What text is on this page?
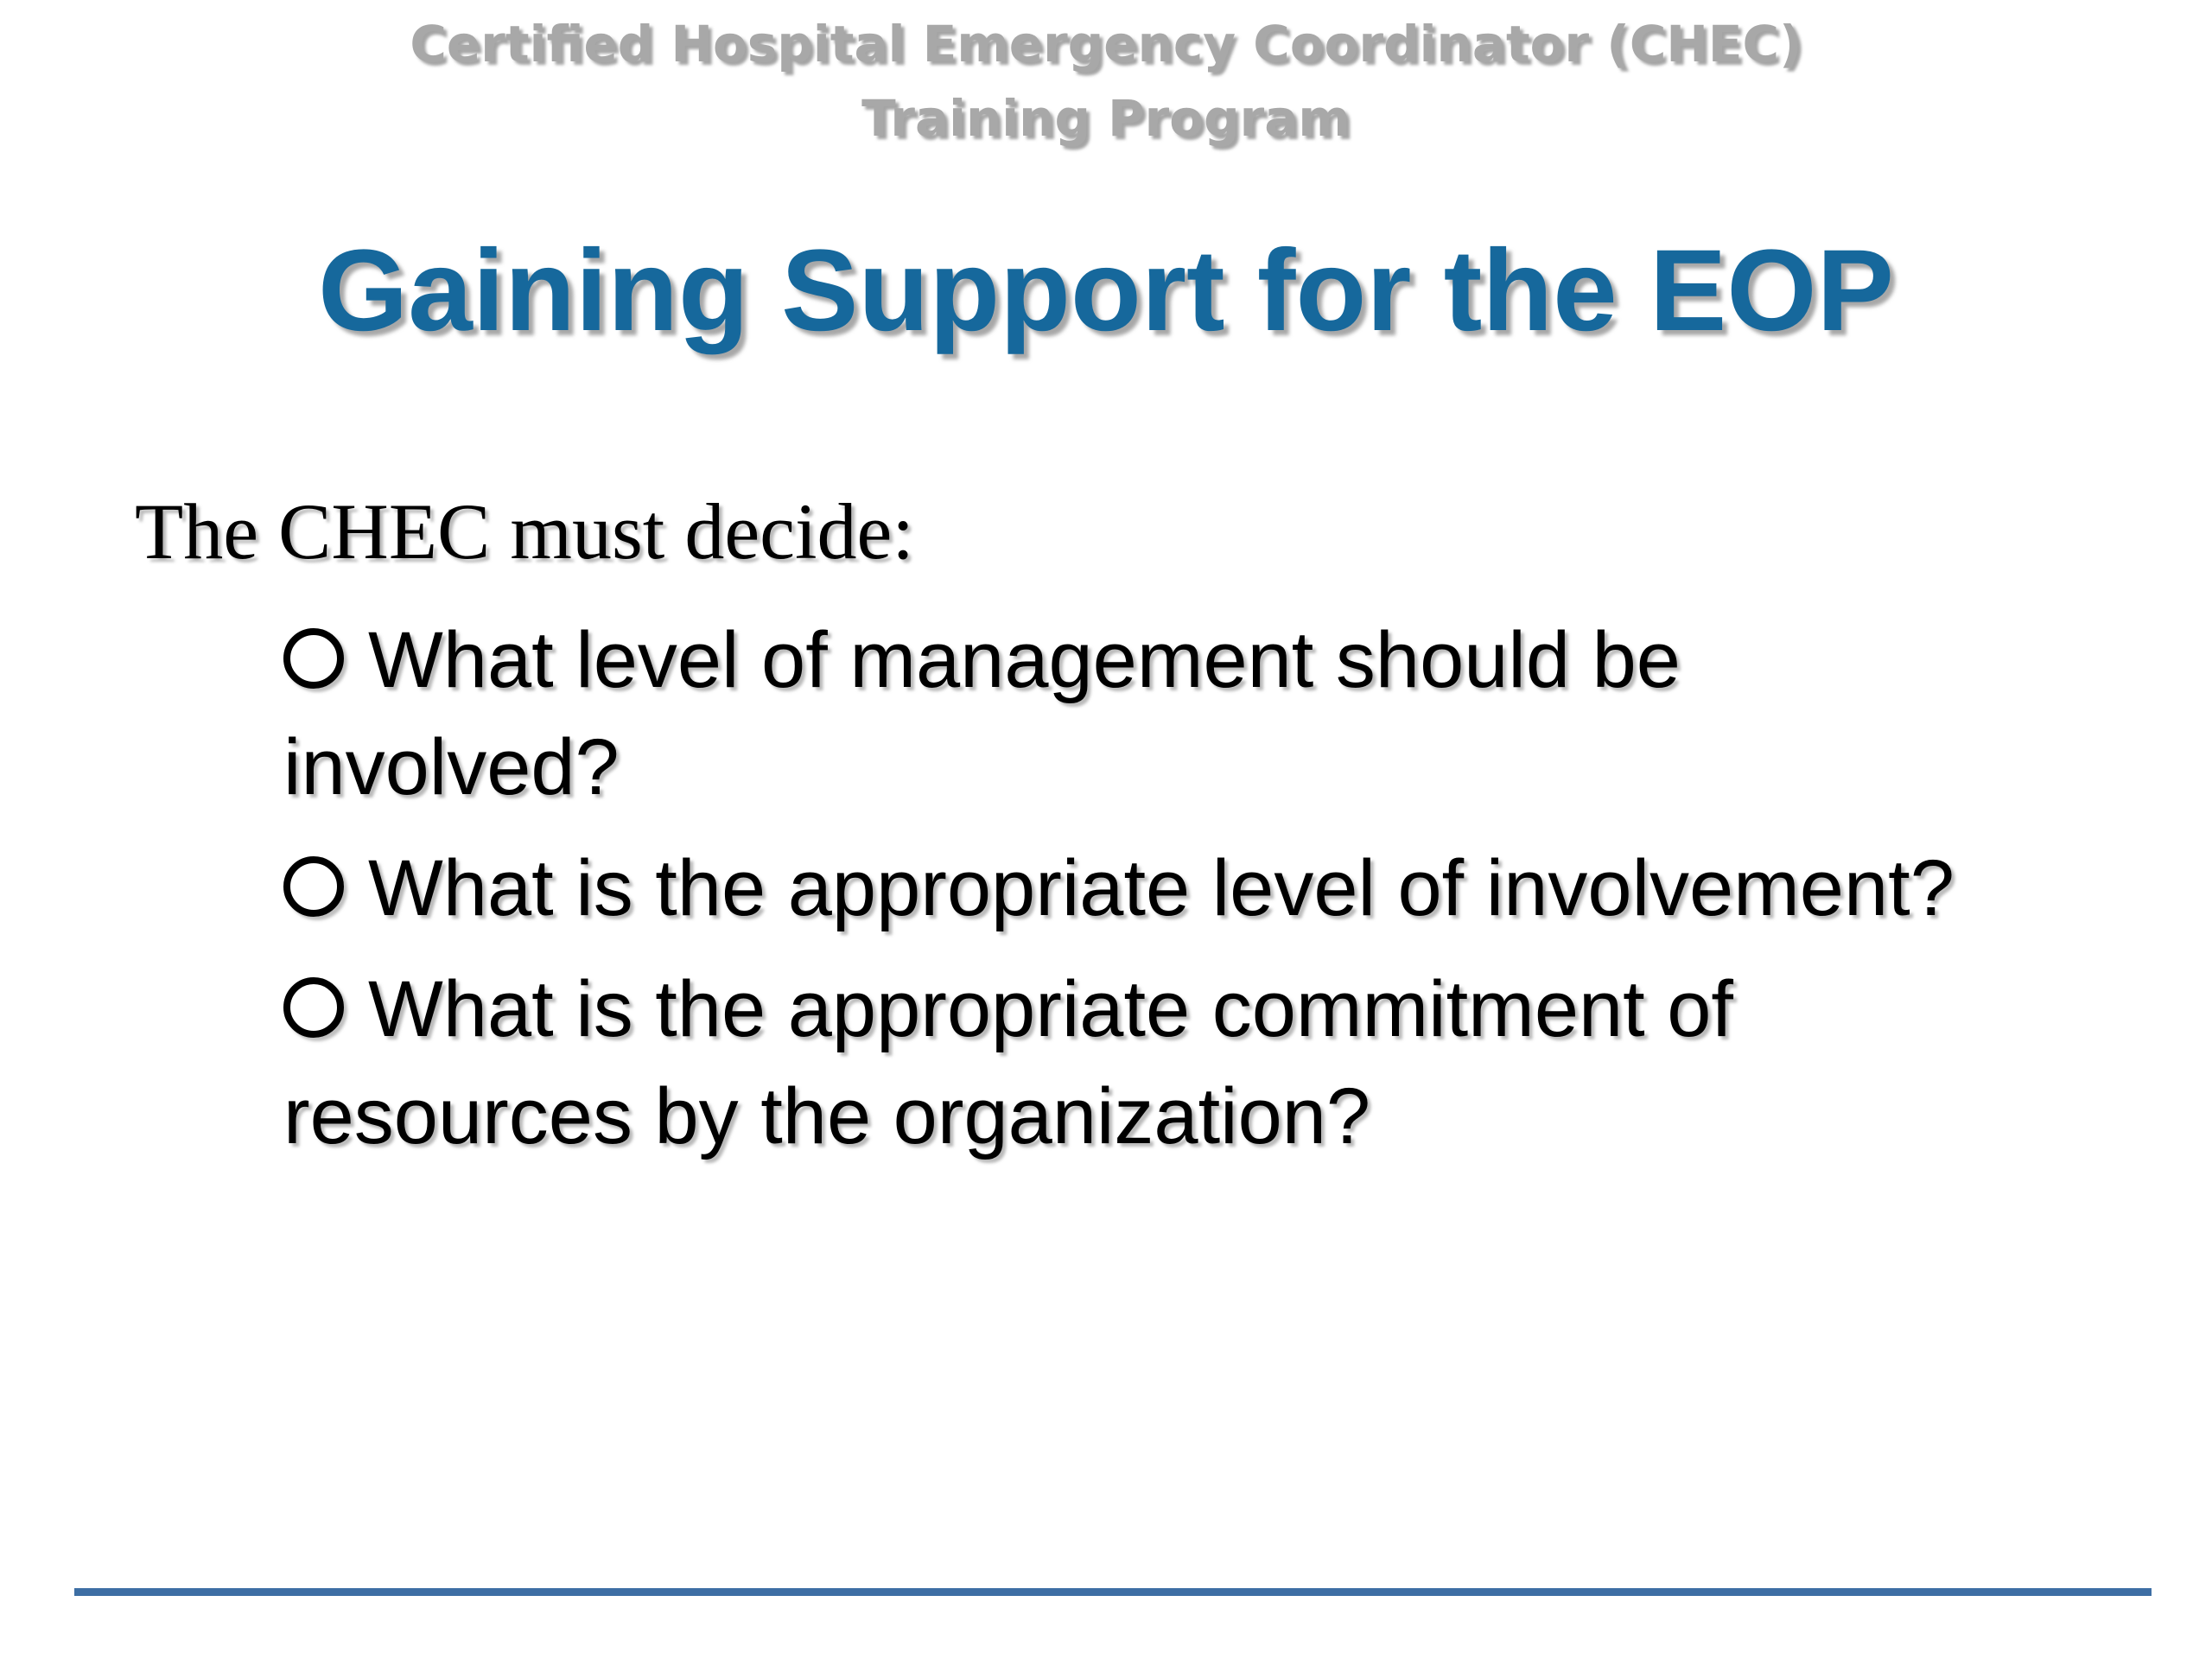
Certified Hospital Emergency Coordinator (CHEC)
Training Program
Gaining Support for the EOP
The CHEC must decide:
What level of management should be involved?
What is the appropriate level of involvement?
What is the appropriate commitment of resources by the organization?
